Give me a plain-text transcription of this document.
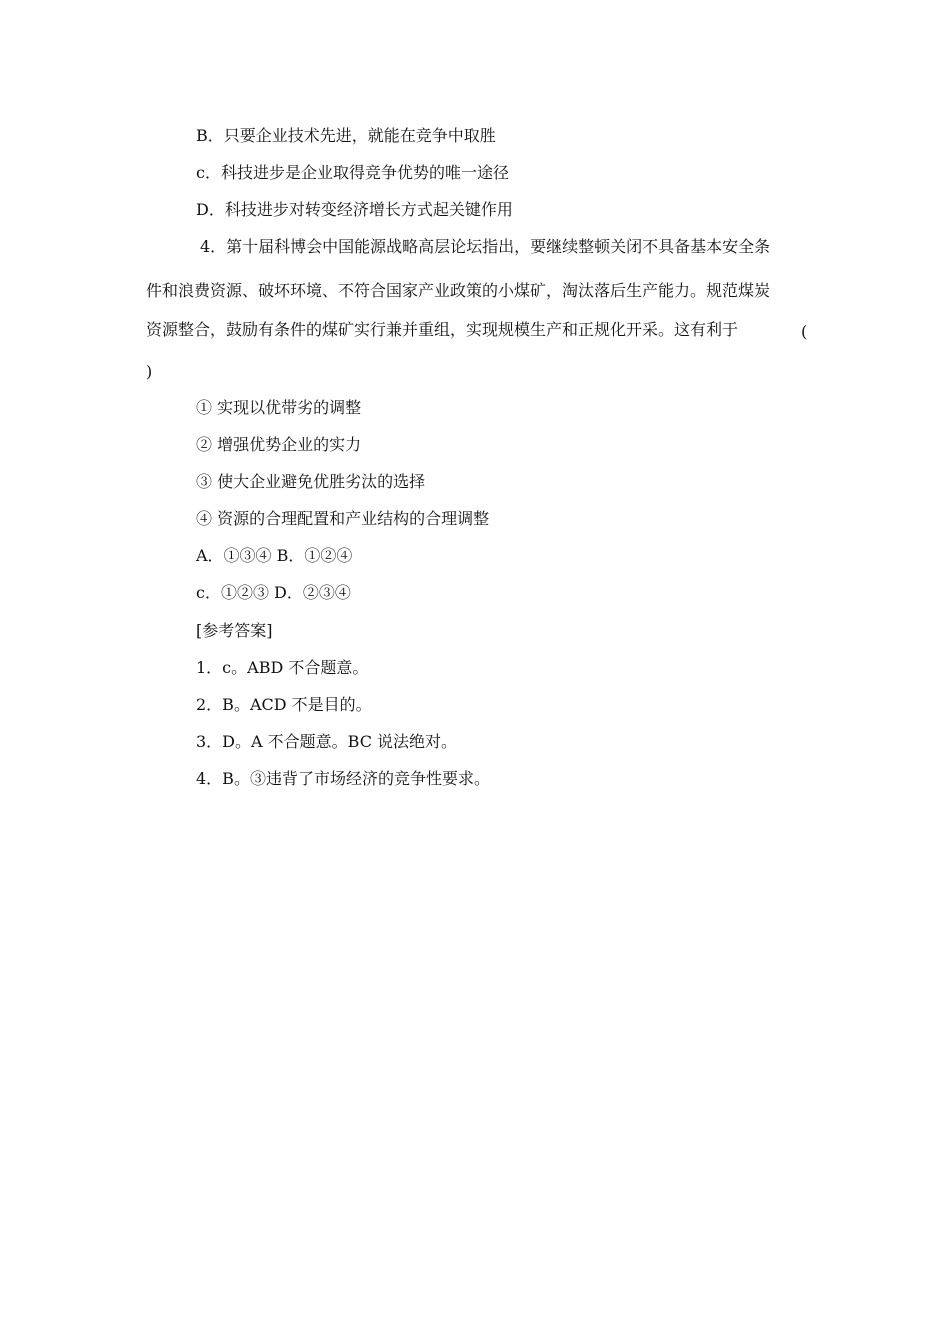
B．只要企业技术先进，就能在竞争中取胜
c．科技进步是企业取得竞争优势的唯一途径
D．科技进步对转变经济增长方式起关键作用
4．第十届科博会中国能源战略高层论坛指出，要继续整顿关闭不具备基本安全条
件和浪费资源、破坏环境、不符合国家产业政策的小煤矿，淘汰落后生产能力。规范煤炭
资源整合，鼓励有条件的煤矿实行兼并重组，实现规模生产和正规化开采。这有利于	(
)
① 实现以优带劣的调整
② 增强优势企业的实力
③ 使大企业避免优胜劣汰的选择
④ 资源的合理配置和产业结构的合理调整
A．①③④ B．①②④
c．①②③ D．②③④
[参考答案]
1．c。ABD 不合题意。
2．B。ACD 不是目的。
3．D。A 不合题意。BC 说法绝对。
4．B。③违背了市场经济的竞争性要求。
